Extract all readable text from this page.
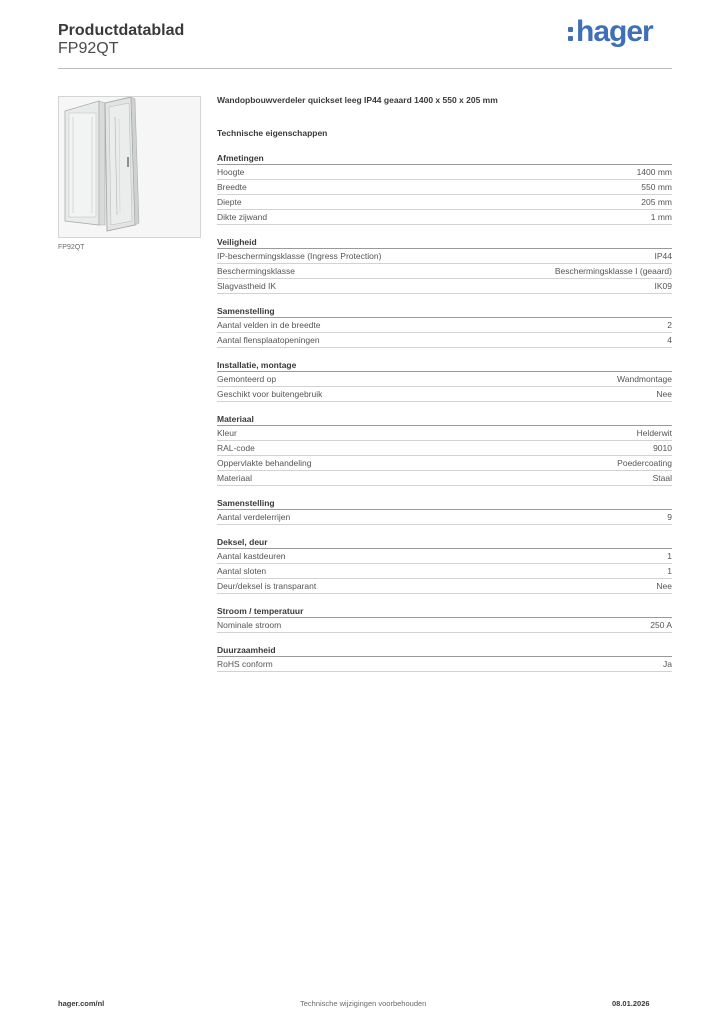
Productdatablad
FP92QT
hager
FP92QT
Wandopbouwverdeler quickset leeg IP44 geaard 1400 x 550 x 205 mm
Technische eigenschappen
Afmetingen
Hoogte	1400 mm
Breedte	550 mm
Diepte	205 mm
Dikte zijwand	1 mm
Veiligheid
IP-beschermingsklasse (Ingress Protection)	IP44
Beschermingsklasse	Beschermingsklasse I (geaard)
Slagvastheid IK	IK09
Samenstelling
Aantal velden in de breedte	2
Aantal flensplaatopeningen	4
Installatie, montage
Gemonteerd op	Wandmontage
Geschikt voor buitengebruik	Nee
Materiaal
Kleur	Helderwit
RAL-code	9010
Oppervlakte behandeling	Poedercoating
Materiaal	Staal
Samenstelling
Aantal verdelerrijen	9
Deksel, deur
Aantal kastdeuren	1
Aantal sloten	1
Deur/deksel is transparant	Nee
Stroom / temperatuur
Nominale stroom	250 A
Duurzaamheid
RoHS conform	Ja
hager.com/nl	Technische wijzigingen voorbehouden	08.01.2026
